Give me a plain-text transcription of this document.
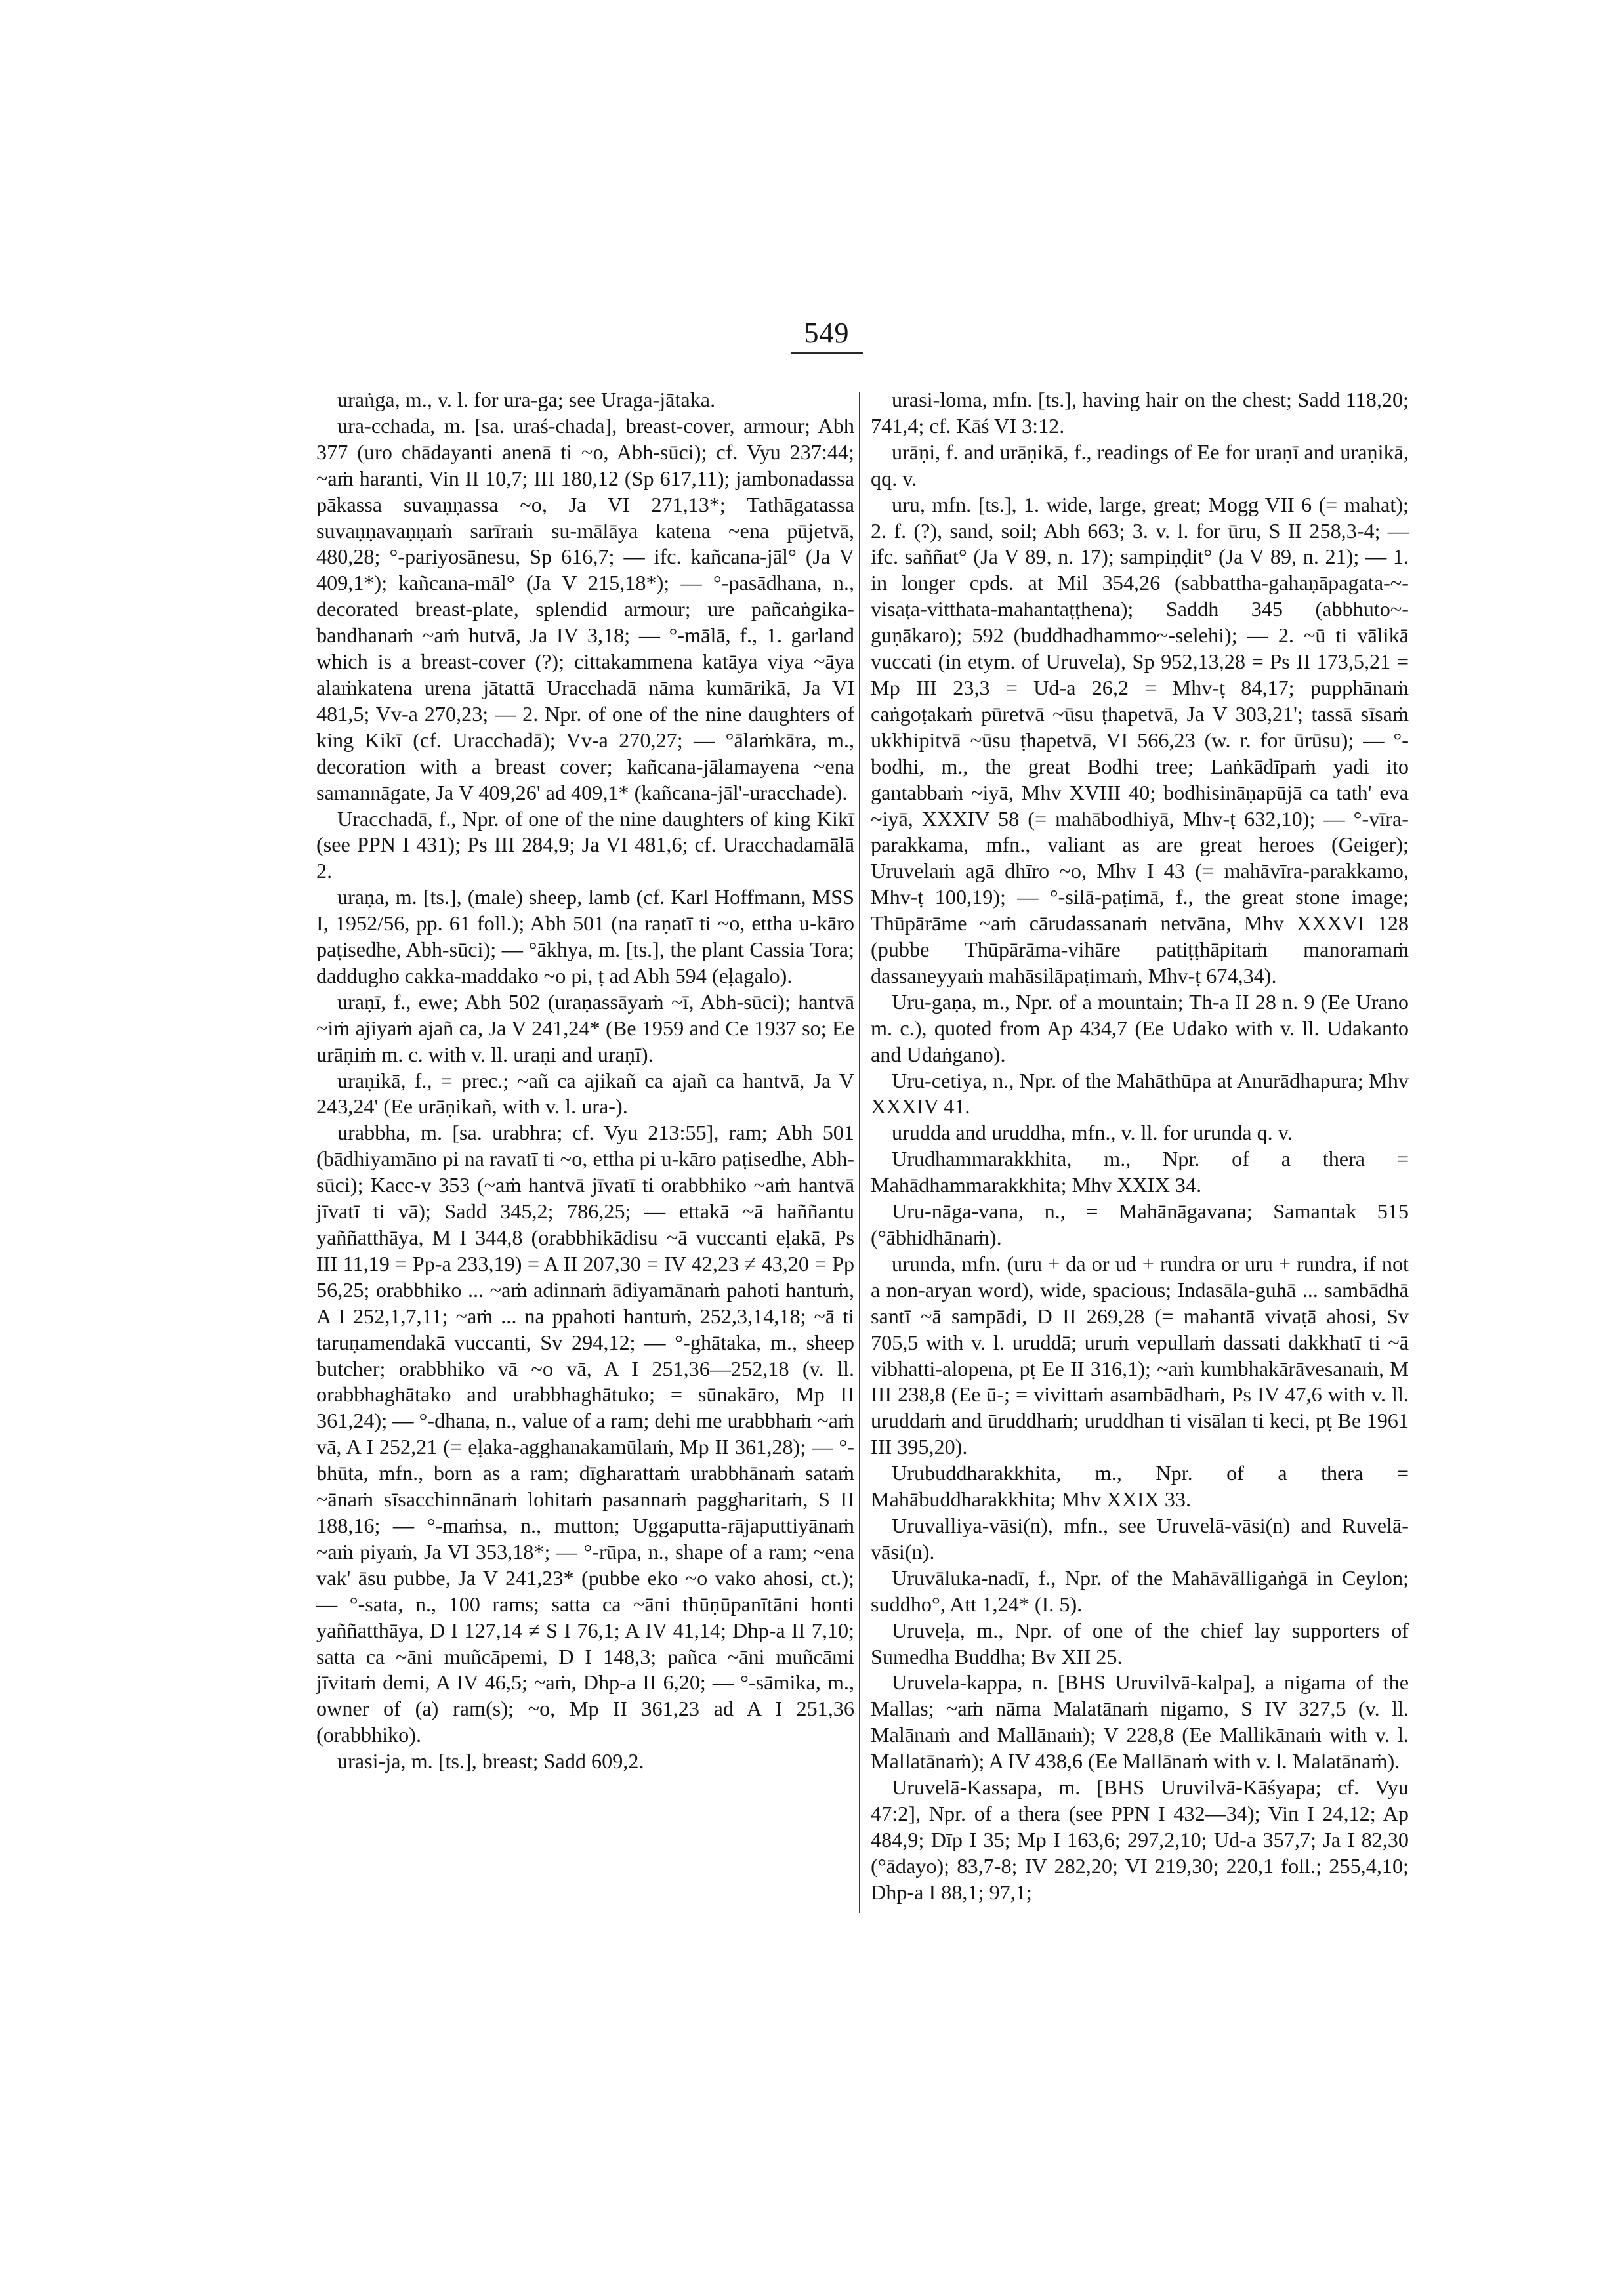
549

uraṅga, m., v. l. for ura-ga; see Uraga-jātaka.

ura-cchada, m. [sa. uraś-chada], breast-cover, armour; Abh 377 (uro chādayanti anenā ti ~o, Abh-sūci); cf. Vyu 237:44; ~aṁ haranti, Vin II 10,7; III 180,12 (Sp 617,11); jambonadassa pākassa suvaṇṇassa ~o, Ja VI 271,13*; Tathāgatassa suvaṇṇavaṇṇaṁ sarīraṁ su-mālāya katena ~ena pūjetvā, 480,28; °-pariyosānesu, Sp 616,7; — ifc. kañcana-jāl° (Ja V 409,1*); kañcana-māl° (Ja V 215,18*); — °-pasādhana, n., decorated breast-plate, splendid armour; ure pañcaṅgika-bandhanaṁ ~aṁ hutvā, Ja IV 3,18; — °-mālā, f., 1. garland which is a breast-cover (?); cittakammena katāya viya ~āya alaṁkatena urena jātattā Uracchadā nāma kumārikā, Ja VI 481,5; Vv-a 270,23; — 2. Npr. of one of the nine daughters of king Kikī (cf. Uracchadā); Vv-a 270,27; — °ālaṁkāra, m., decoration with a breast cover; kañcana-jālamayena ~ena samannāgate, Ja V 409,26' ad 409,1* (kañcana-jāl'-uracchade).

Uracchadā, f., Npr. of one of the nine daughters of king Kikī (see PPN I 431); Ps III 284,9; Ja VI 481,6; cf. Uracchadamālā 2.

uraṇa, m. [ts.], (male) sheep, lamb (cf. Karl Hoffmann, MSS I, 1952/56, pp. 61 foll.); Abh 501 (na raṇatī ti ~o, ettha u-kāro paṭisedhe, Abh-sūci); — °ākhya, m. [ts.], the plant Cassia Tora; daddugho cakka-maddako ~o pi, ṭ ad Abh 594 (eḷagalo).

uraṇī, f., ewe; Abh 502 (uraṇassāyaṁ ~ī, Abh-sūci); hantvā ~iṁ ajiyaṁ ajañ ca, Ja V 241,24* (Be 1959 and Ce 1937 so; Ee urāṇiṁ m. c. with v. ll. uraṇi and uraṇī).

uraṇikā, f., = prec.; ~añ ca ajikañ ca ajañ ca hantvā, Ja V 243,24' (Ee urāṇikañ, with v. l. ura-).

urabbha, m. [sa. urabhra; cf. Vyu 213:55], ram; Abh 501 (bādhiyamāno pi na ravatī ti ~o, ettha pi u-kāro paṭisedhe, Abh-sūci); Kacc-v 353 (~aṁ hantvā jīvatī ti orabbhiko ~aṁ hantvā jīvatī ti vā); Sadd 345,2; 786,25; — ettakā ~ā haññantu yaññatthāya, M I 344,8 (orabbhikādisu ~ā vuccanti eḷakā, Ps III 11,19 = Pp-a 233,19) = A II 207,30 = IV 42,23 ≠ 43,20 = Pp 56,25; orabbhiko ... ~aṁ adinnaṁ ādiyamānaṁ pahoti hantuṁ, A I 252,1,7,11; ~aṁ ... na ppahoti hantuṁ, 252,3,14,18; ~ā ti taruṇamendakā vuccanti, Sv 294,12; — °-ghātaka, m., sheep butcher; orabbhiko vā ~o vā, A I 251,36—252,18 (v. ll. orabbhaghātako and urabbhaghātuko; = sūnakāro, Mp II 361,24); — °-dhana, n., value of a ram; dehi me urabbhaṁ ~aṁ vā, A I 252,21 (= eḷaka-agghanakamūlaṁ, Mp II 361,28); — °-bhūta, mfn., born as a ram; dīgharattaṁ urabbhānaṁ sataṁ ~ānaṁ sīsacchinnānaṁ lohitaṁ pasannaṁ paggharitaṁ, S II 188,16; — °-maṁsa, n., mutton; Uggaputta-rājaputtiyānaṁ ~aṁ piyaṁ, Ja VI 353,18*; — °-rūpa, n., shape of a ram; ~ena vak' āsu pubbe, Ja V 241,23* (pubbe eko ~o vako ahosi, ct.); — °-sata, n., 100 rams; satta ca ~āni thūṇūpanītāni honti yaññatthāya, D I 127,14 ≠ S I 76,1; A IV 41,14; Dhp-a II 7,10; satta ca ~āni muñcāpemi, D I 148,3; pañca ~āni muñcāmi jīvitaṁ demi, A IV 46,5; ~aṁ, Dhp-a II 6,20; — °-sāmika, m., owner of (a) ram(s); ~o, Mp II 361,23 ad A I 251,36 (orabbhiko).

urasi-ja, m. [ts.], breast; Sadd 609,2.

urasi-loma, mfn. [ts.], having hair on the chest; Sadd 118,20; 741,4; cf. Kāś VI 3:12.

urāṇi, f. and urāṇikā, f., readings of Ee for uraṇī and uraṇikā, qq. v.

uru, mfn. [ts.], 1. wide, large, great; Mogg VII 6 (= mahat); 2. f. (?), sand, soil; Abh 663; 3. v. l. for ūru, S II 258,3-4; — ifc. saññat° (Ja V 89, n. 17); sampiṇḍit° (Ja V 89, n. 21); — 1. in longer cpds. at Mil 354,26 (sabbattha-gahaṇāpagata-~-visaṭa-vitthata-mahantaṭṭhena); Saddh 345 (abbhuto~-guṇākaro); 592 (buddhadhammo~-selehi); — 2. ~ū ti vālikā vuccati (in etym. of Uruvela), Sp 952,13,28 = Ps II 173,5,21 = Mp III 23,3 = Ud-a 26,2 = Mhv-ṭ 84,17; pupphānaṁ caṅgoṭakaṁ pūretvā ~ūsu ṭhapetvā, Ja V 303,21'; tassā sīsaṁ ukkhipitvā ~ūsu ṭhapetvā, VI 566,23 (w. r. for ūrūsu); — °-bodhi, m., the great Bodhi tree; Laṅkādīpaṁ yadi ito gantabbaṁ ~iyā, Mhv XVIII 40; bodhisināṇapūjā ca tath' eva ~iyā, XXXIV 58 (= mahābodhiyā, Mhv-ṭ 632,10); — °-vīra-parakkama, mfn., valiant as are great heroes (Geiger); Uruvelaṁ agā dhīro ~o, Mhv I 43 (= mahāvīra-parakkamo, Mhv-ṭ 100,19); — °-silā-paṭimā, f., the great stone image; Thūpārāme ~aṁ cārudassanaṁ netvāna, Mhv XXXVI 128 (pubbe Thūpārāma-vihāre patiṭṭhāpitaṁ manoramaṁ dassaneyyaṁ mahāsilāpaṭimaṁ, Mhv-ṭ 674,34).

Uru-gaṇa, m., Npr. of a mountain; Th-a II 28 n. 9 (Ee Urano m. c.), quoted from Ap 434,7 (Ee Udako with v. ll. Udakanto and Udaṅgano).

Uru-cetiya, n., Npr. of the Mahāthūpa at Anurādhapura; Mhv XXXIV 41.

urudda and uruddha, mfn., v. ll. for urunda q. v.

Urudhammarakkhita, m., Npr. of a thera = Mahādhammarakkhita; Mhv XXIX 34.

Uru-nāga-vana, n., = Mahānāgavana; Samantak 515 (°ābhidhānaṁ).

urunda, mfn. (uru + da or ud + rundra or uru + rundra, if not a non-aryan word), wide, spacious; Indasāla-guhā ... sambādhā santī ~ā sampādi, D II 269,28 (= mahantā vivaṭā ahosi, Sv 705,5 with v. l. uruddā; uruṁ vepullaṁ dassati dakkhatī ti ~ā vibhatti-alopena, pṭ Ee II 316,1); ~aṁ kumbhakārāvesanaṁ, M III 238,8 (Ee ū-; = vivittaṁ asambādhaṁ, Ps IV 47,6 with v. ll. uruddaṁ and ūruddhaṁ; uruddhan ti visālan ti keci, pṭ Be 1961 III 395,20).

Urubuddharakkhita, m., Npr. of a thera = Mahābuddharakkhita; Mhv XXIX 33.

Uruvalliya-vāsi(n), mfn., see Uruvelā-vāsi(n) and Ruvelā-vāsi(n).

Uruvāluka-nadī, f., Npr. of the Mahāvālligaṅgā in Ceylon; suddho°, Att 1,24* (I. 5).

Uruveḷa, m., Npr. of one of the chief lay supporters of Sumedha Buddha; Bv XII 25.

Uruvela-kappa, n. [BHS Uruvilvā-kalpa], a nigama of the Mallas; ~aṁ nāma Malatānaṁ nigamo, S IV 327,5 (v. ll. Malānaṁ and Mallānaṁ); V 228,8 (Ee Mallikānaṁ with v. l. Mallatānaṁ); A IV 438,6 (Ee Mallānaṁ with v. l. Malatānaṁ).

Uruvelā-Kassapa, m. [BHS Uruvilvā-Kāśyapa; cf. Vyu 47:2], Npr. of a thera (see PPN I 432—34); Vin I 24,12; Ap 484,9; Dīp I 35; Mp I 163,6; 297,2,10; Ud-a 357,7; Ja I 82,30 (°ādayo); 83,7-8; IV 282,20; VI 219,30; 220,1 foll.; 255,4,10; Dhp-a I 88,1; 97,1;
